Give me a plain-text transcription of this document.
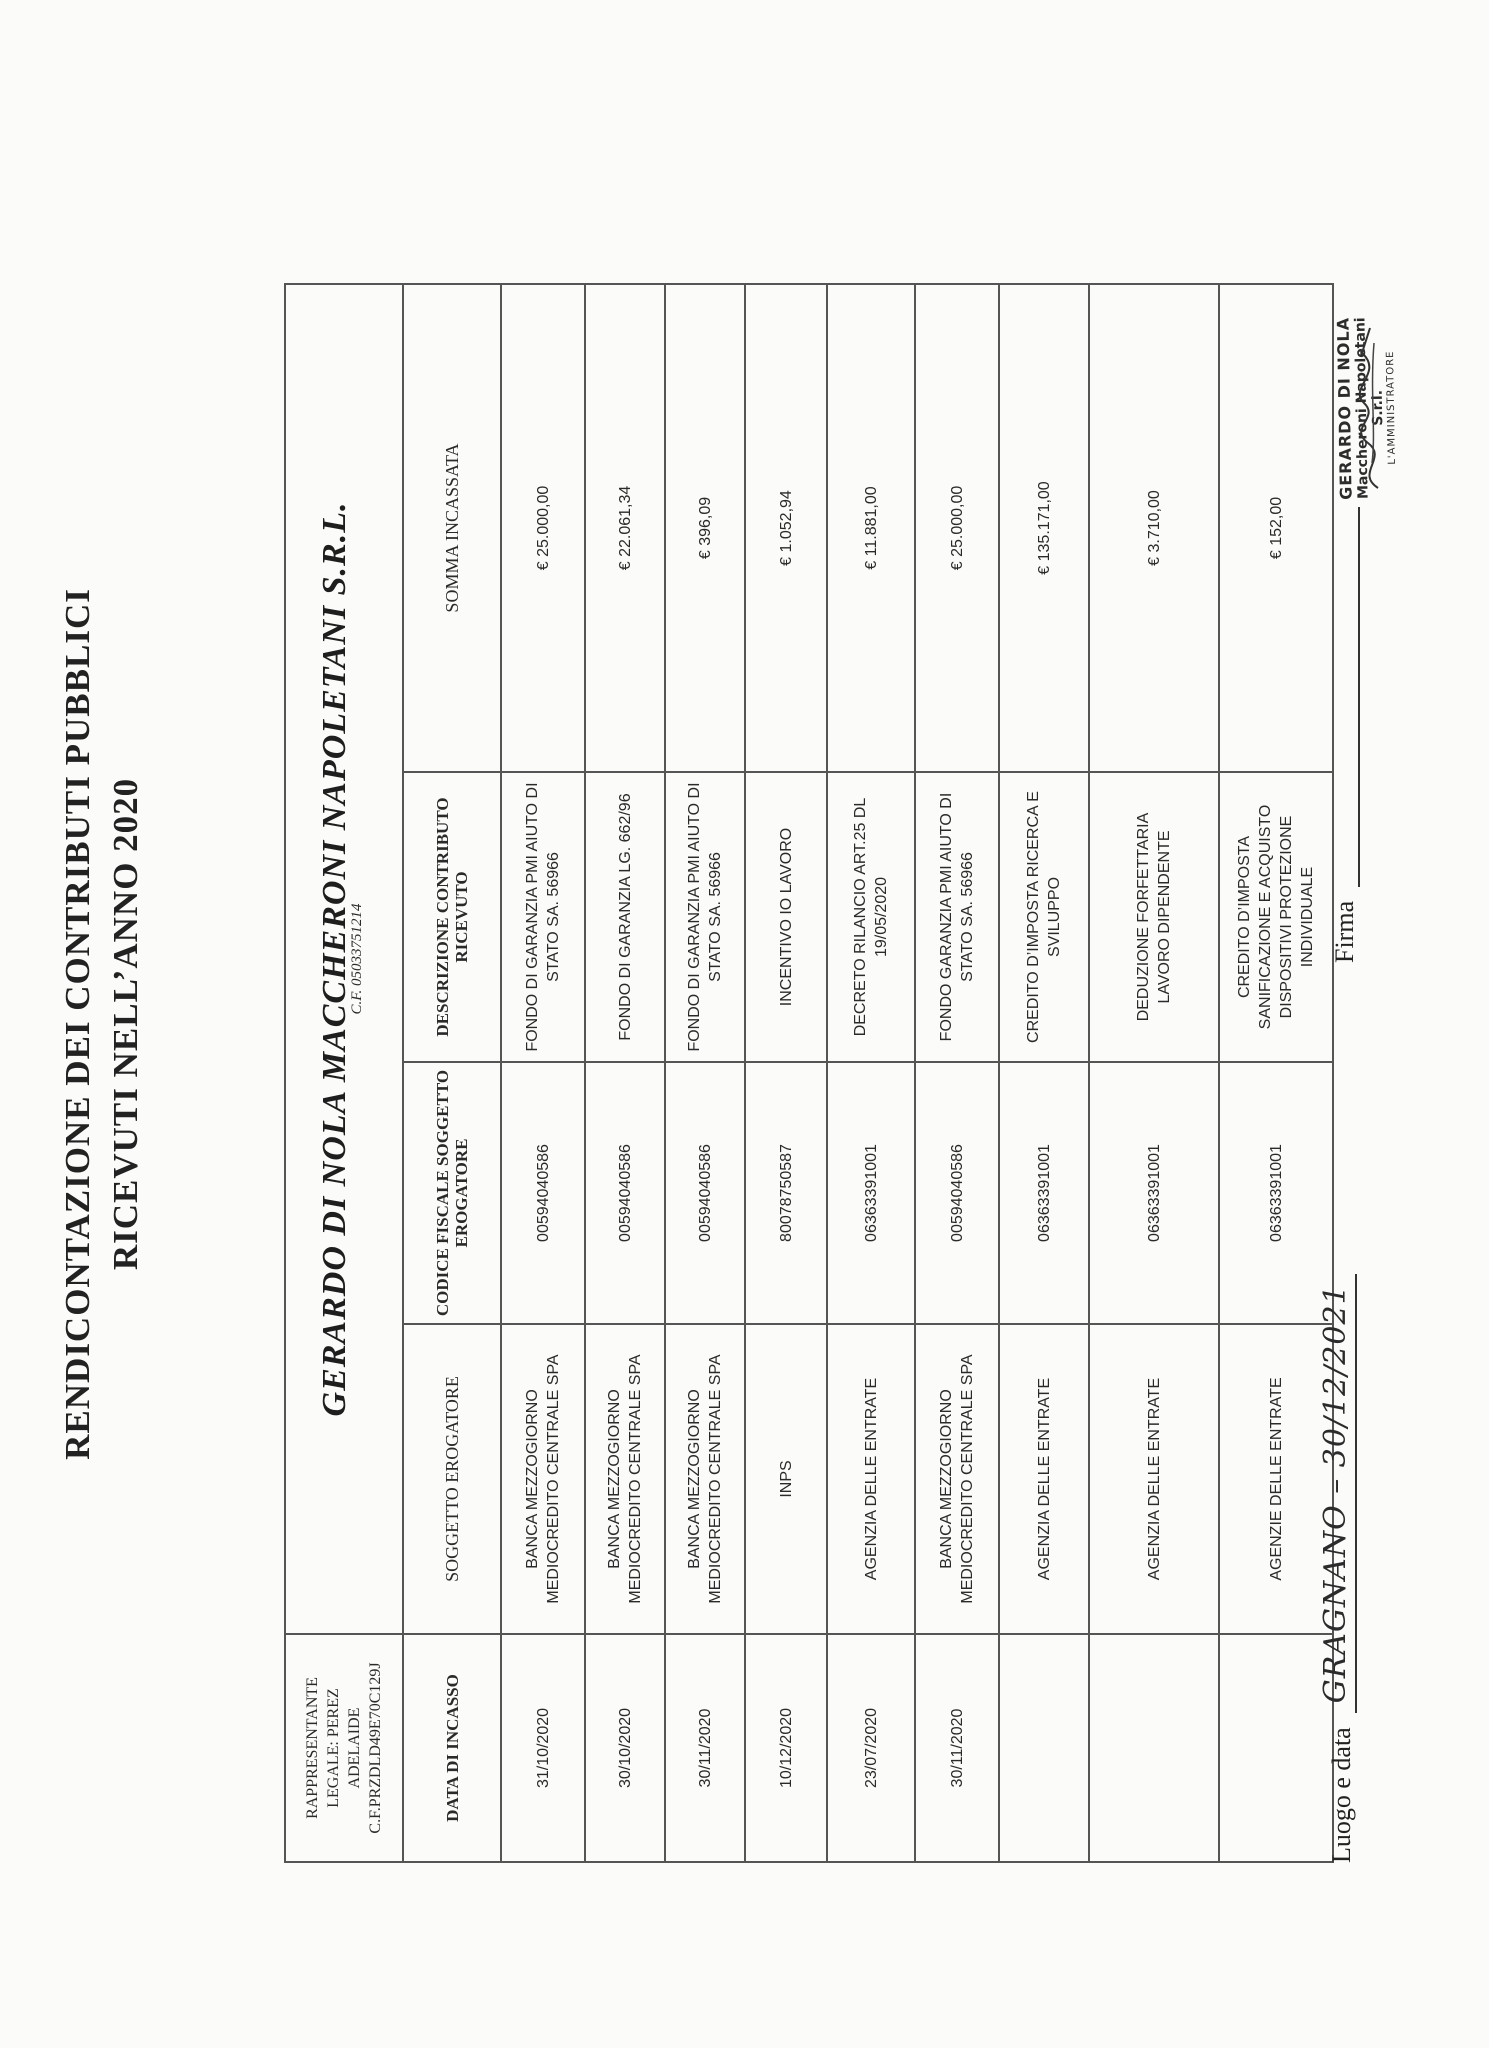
RENDICONTAZIONE DEI CONTRIBUTI PUBBLICI RICEVUTI NELL’ANNO 2020
RAPPRESENTANTE LEGALE: PEREZ ADELAIDE C.F.PRZDLD49E70C129J	GERARDO DI NOLA MACCHERONI NAPOLETANI S.R.L.
C.F. 05033751214			

DATA DI INCASSO	SOGGETTO EROGATORE	CODICE FISCALE SOGGETTO EROGATORE	DESCRIZIONE CONTRIBUTO RICEVUTO	SOMMA INCASSATA
31/10/2020	BANCA MEZZOGIORNO MEDIOCREDITO CENTRALE SPA	00594040586	FONDO DI GARANZIA PMI AIUTO DI STATO SA. 56966	€ 25.000,00
30/10/2020	BANCA MEZZOGIORNO MEDIOCREDITO CENTRALE SPA	00594040586	FONDO DI GARANZIA LG. 662/96	€ 22.061,34
30/11/2020	BANCA MEZZOGIORNO MEDIOCREDITO CENTRALE SPA	00594040586	FONDO DI GARANZIA PMI AIUTO DI STATO SA. 56966	€ 396,09
10/12/2020	INPS	80078750587	INCENTIVO IO LAVORO	€ 1.052,94
23/07/2020	AGENZIA DELLE ENTRATE	06363391001	DECRETO RILANCIO ART.25 DL 19/05/2020	€ 11.881,00
30/11/2020	BANCA MEZZOGIORNO MEDIOCREDITO CENTRALE SPA	00594040586	FONDO GARANZIA PMI AIUTO DI STATO SA. 56966	€ 25.000,00
	AGENZIA DELLE ENTRATE	06363391001	CREDITO D’IMPOSTA RICERCA E SVILUPPO	€ 135.171,00
	AGENZIA DELLE ENTRATE	06363391001	DEDUZIONE FORFETTARIA LAVORO DIPENDENTE	€ 3.710,00
	AGENZIE DELLE ENTRATE	06363391001	CREDITO D’IMPOSTA SANIFICAZIONE E ACQUISTO DISPOSITIVI PROTEZIONE INDIVIDUALE	€ 152,00
Luogo e data
GRAGNANO – 30/12/2021
Firma
GERARDO DI NOLA
Maccheroni Napoletani S.r.l.
L'AMMINISTRATORE
